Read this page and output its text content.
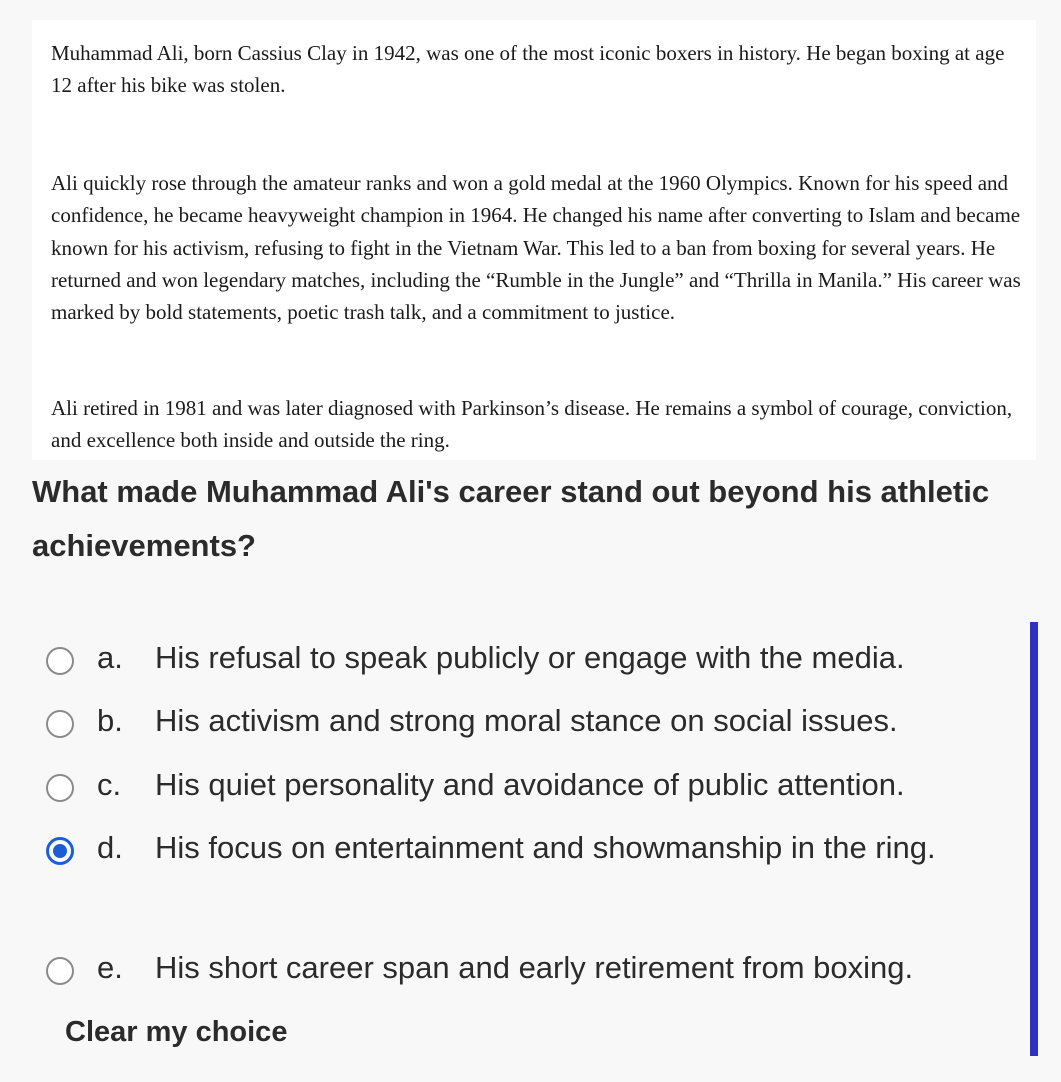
Muhammad Ali, born Cassius Clay in 1942, was one of the most iconic boxers in history. He began boxing at age 12 after his bike was stolen.

Ali quickly rose through the amateur ranks and won a gold medal at the 1960 Olympics. Known for his speed and confidence, he became heavyweight champion in 1964. He changed his name after converting to Islam and became known for his activism, refusing to fight in the Vietnam War. This led to a ban from boxing for several years. He returned and won legendary matches, including the “Rumble in the Jungle” and “Thrilla in Manila.” His career was marked by bold statements, poetic trash talk, and a commitment to justice.

Ali retired in 1981 and was later diagnosed with Parkinson’s disease. He remains a symbol of courage, conviction, and excellence both inside and outside the ring.

What made Muhammad Ali's career stand out beyond his athletic achievements?
a. His refusal to speak publicly or engage with the media.
b. His activism and strong moral stance on social issues.
c. His quiet personality and avoidance of public attention.
d. His focus on entertainment and showmanship in the ring.
e. His short career span and early retirement from boxing.
Clear my choice
